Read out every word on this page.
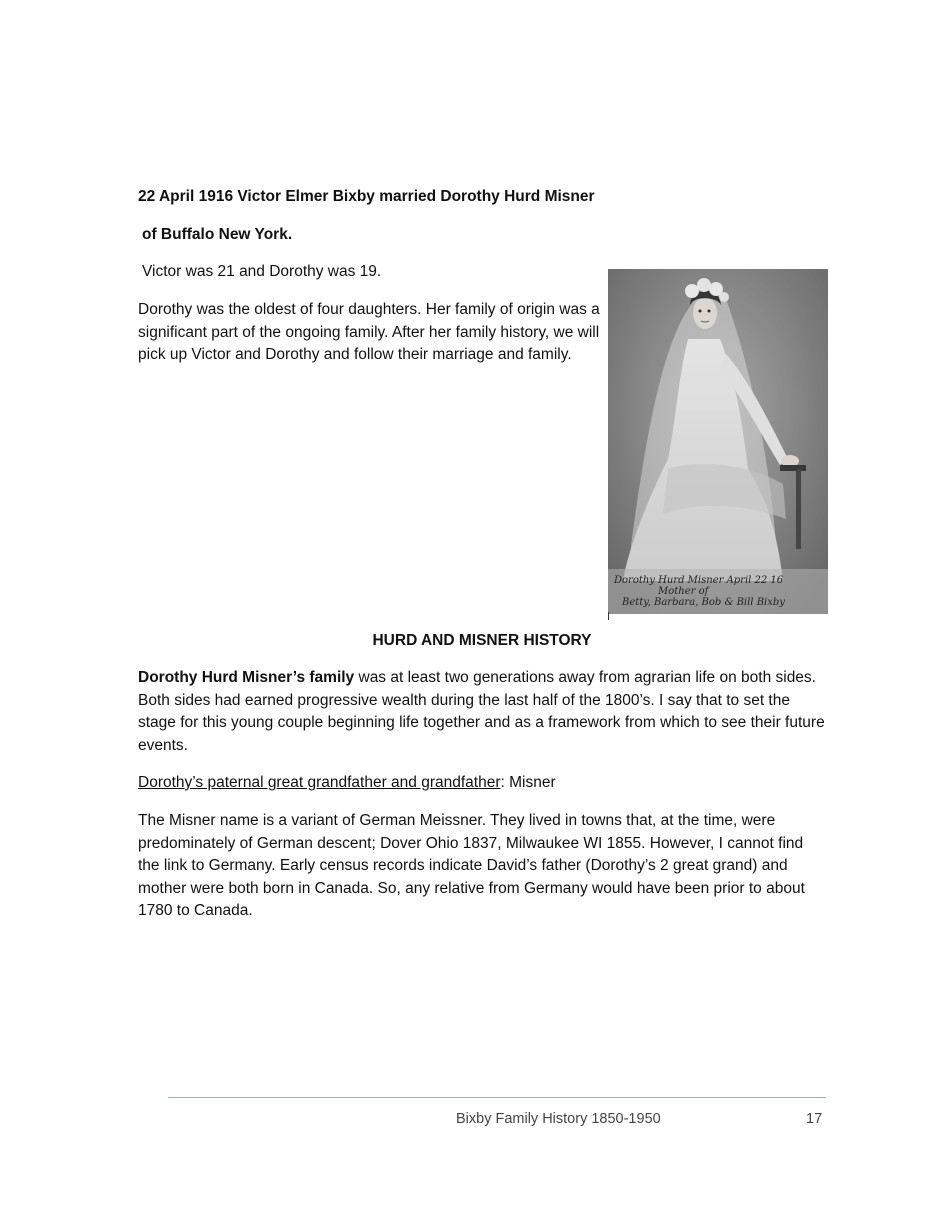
22 April 1916 Victor Elmer Bixby married Dorothy Hurd Misner

of Buffalo New York.

Victor was 21 and Dorothy was 19.

Dorothy was the oldest of four daughters. Her family of origin was a significant part of the ongoing family. After her family history, we will pick up Victor and Dorothy and follow their marriage and family.

Dorothy Hurd Misner April 22 16
Mother of
Betty, Barbara, Bob & Bill Bixby
HURD AND MISNER HISTORY

Dorothy Hurd Misner’s family was at least two generations away from agrarian life on both sides. Both sides had earned progressive wealth during the last half of the 1800’s. I say that to set the stage for this young couple beginning life together and as a framework from which to see their future events.

Dorothy’s paternal great grandfather and grandfather: Misner

The Misner name is a variant of German Meissner. They lived in towns that, at the time, were predominately of German descent; Dover Ohio 1837, Milwaukee WI 1855. However, I cannot find the link to Germany. Early census records indicate David’s father (Dorothy’s 2 great grand) and mother were both born in Canada. So, any relative from Germany would have been prior to about 1780 to Canada.

Bixby Family History 1850-1950	17
